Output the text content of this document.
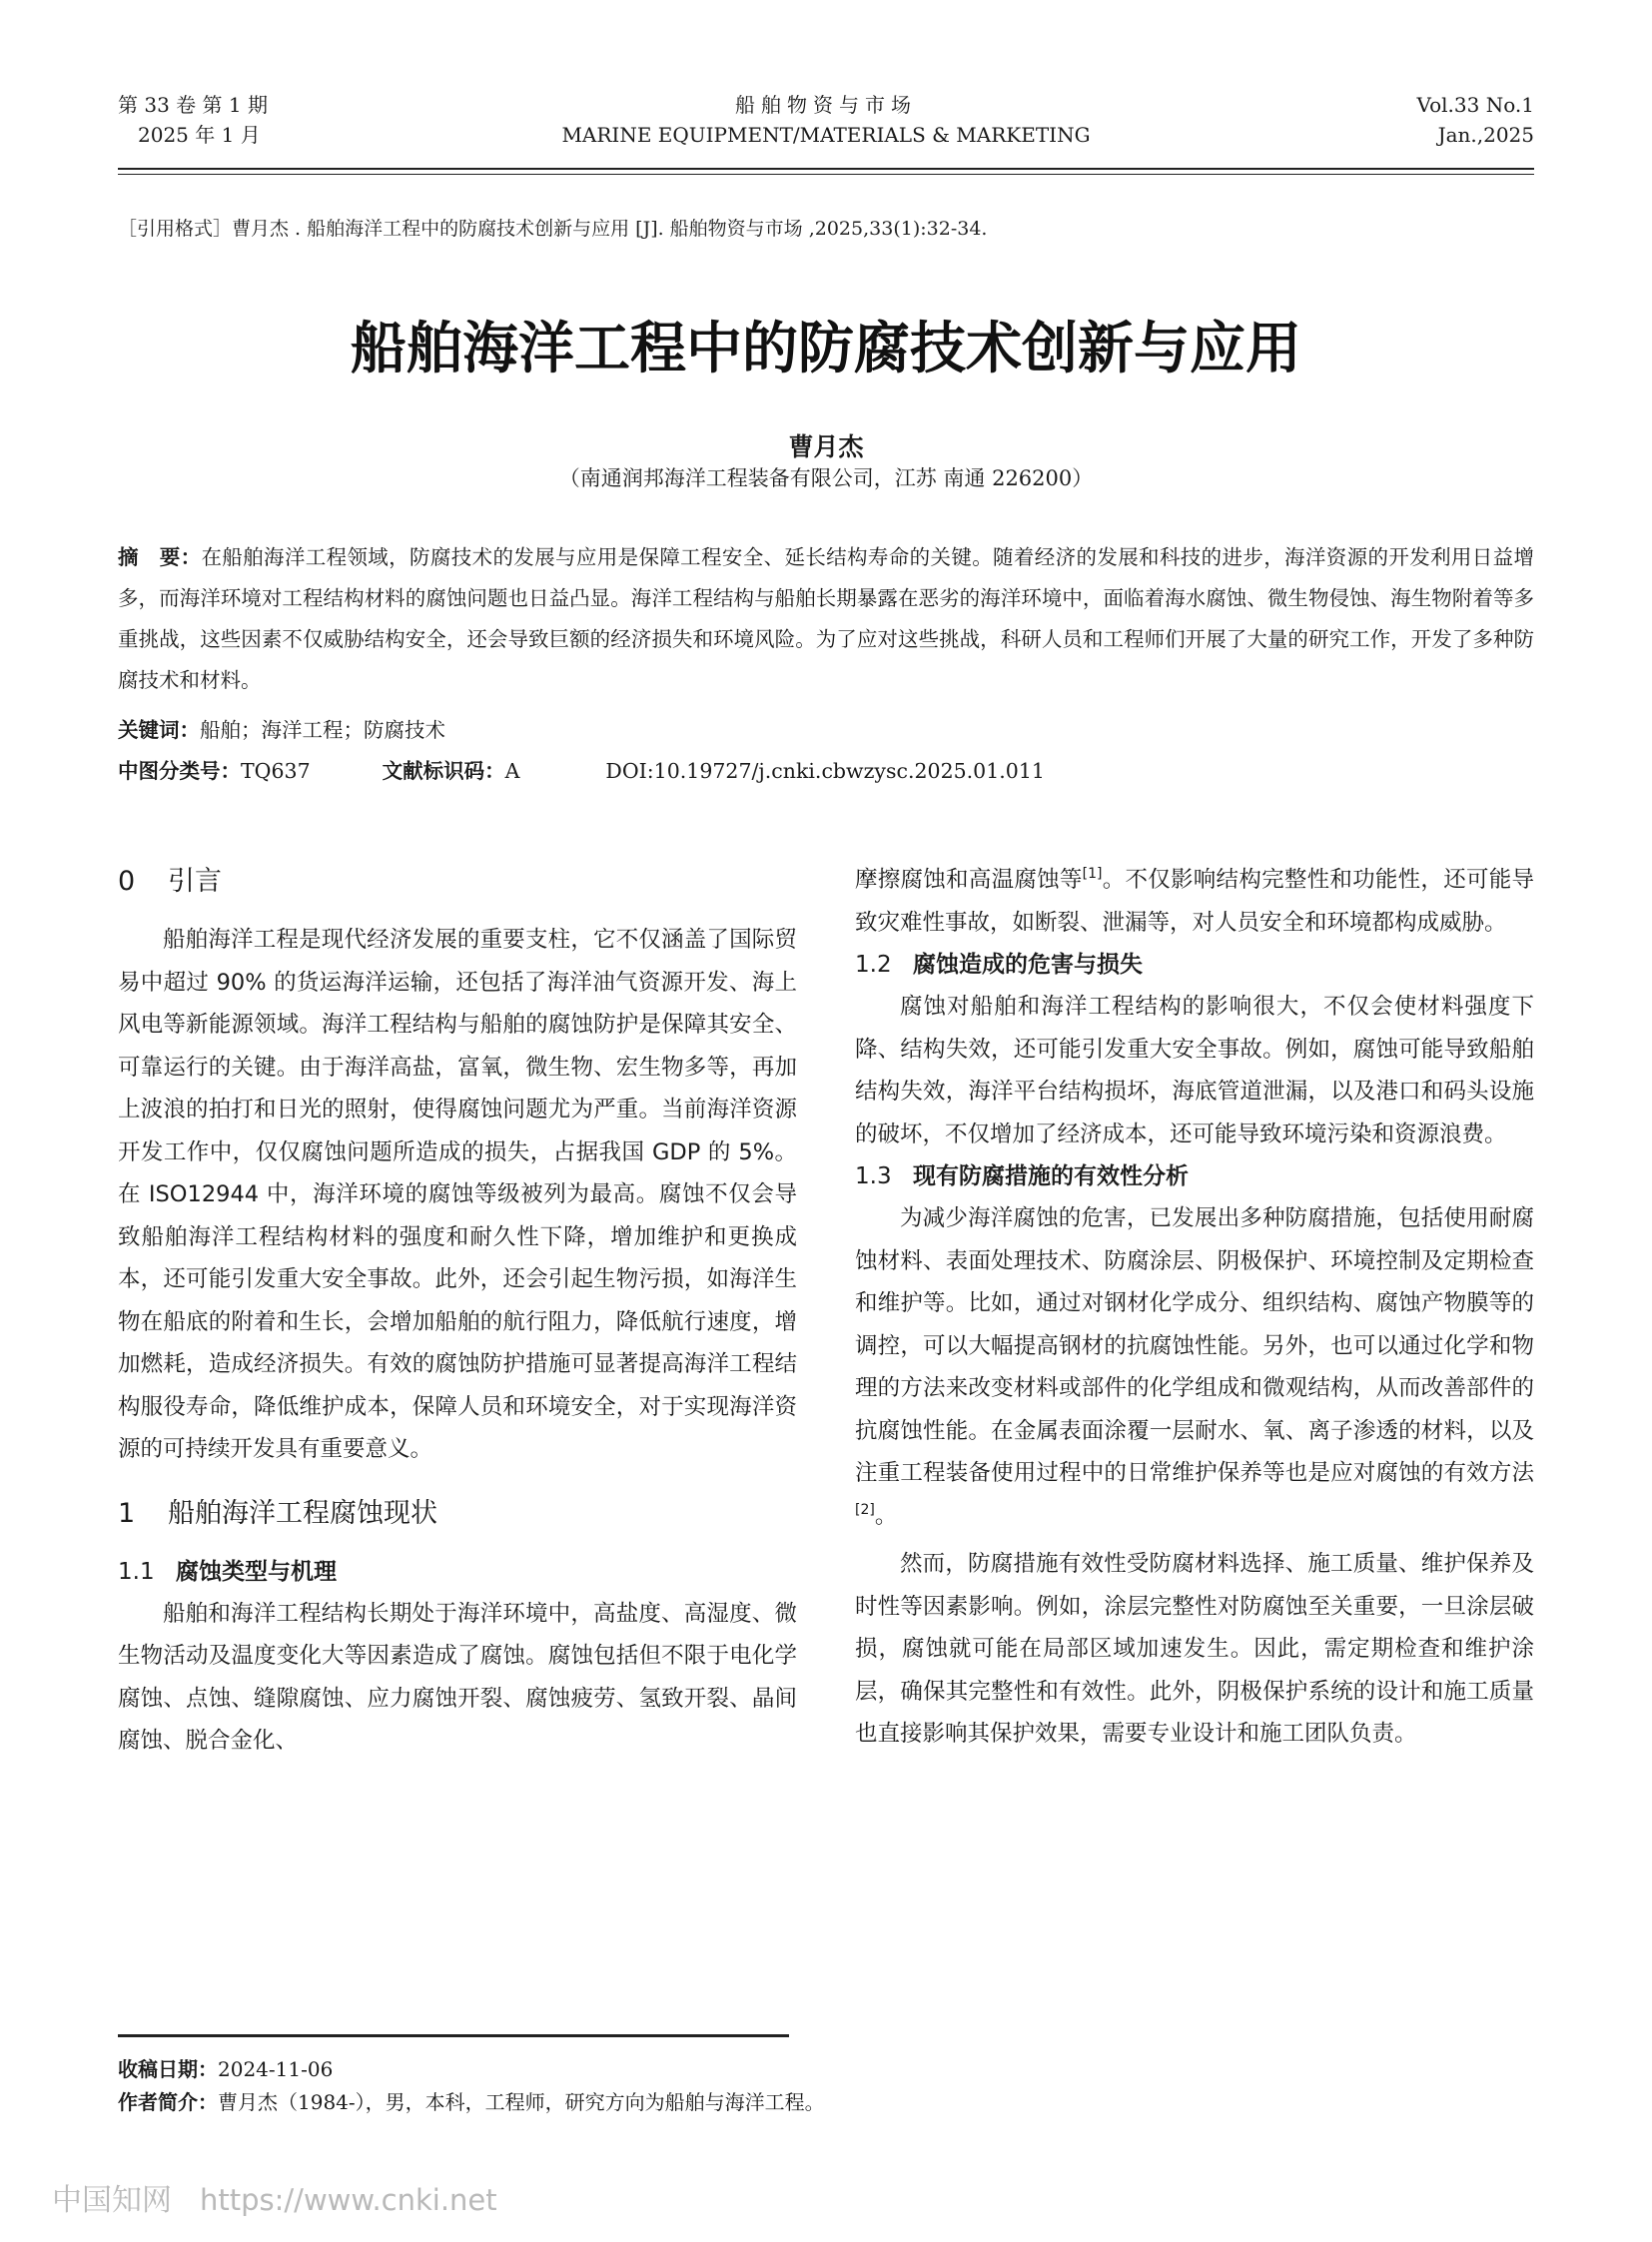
第 33 卷 第 1 期
2025 年 1 月
船舶物资与市场
MARINE EQUIPMENT/MATERIALS & MARKETING
Vol.33 No.1
Jan.,2025
［引用格式］曹月杰 . 船舶海洋工程中的防腐技术创新与应用 [J]. 船舶物资与市场 ,2025,33(1):32-34.
船舶海洋工程中的防腐技术创新与应用
曹月杰
（南通润邦海洋工程装备有限公司，江苏 南通 226200）
摘　要：在船舶海洋工程领域，防腐技术的发展与应用是保障工程安全、延长结构寿命的关键。随着经济的发展和科技的进步，海洋资源的开发利用日益增多，而海洋环境对工程结构材料的腐蚀问题也日益凸显。海洋工程结构与船舶长期暴露在恶劣的海洋环境中，面临着海水腐蚀、微生物侵蚀、海生物附着等多重挑战，这些因素不仅威胁结构安全，还会导致巨额的经济损失和环境风险。为了应对这些挑战，科研人员和工程师们开展了大量的研究工作，开发了多种防腐技术和材料。
关键词：船舶；海洋工程；防腐技术
中图分类号：TQ637	文献标识码：A	DOI:10.19727/j.cnki.cbwzysc.2025.01.011
0 引言

船舶海洋工程是现代经济发展的重要支柱，它不仅涵盖了国际贸易中超过 90% 的货运海洋运输，还包括了海洋油气资源开发、海上风电等新能源领域。海洋工程结构与船舶的腐蚀防护是保障其安全、可靠运行的关键。由于海洋高盐，富氧，微生物、宏生物多等，再加上波浪的拍打和日光的照射，使得腐蚀问题尤为严重。当前海洋资源开发工作中，仅仅腐蚀问题所造成的损失，占据我国 GDP 的 5%。在 ISO12944 中，海洋环境的腐蚀等级被列为最高。腐蚀不仅会导致船舶海洋工程结构材料的强度和耐久性下降，增加维护和更换成本，还可能引发重大安全事故。此外，还会引起生物污损，如海洋生物在船底的附着和生长，会增加船舶的航行阻力，降低航行速度，增加燃耗，造成经济损失。有效的腐蚀防护措施可显著提高海洋工程结构服役寿命，降低维护成本，保障人员和环境安全，对于实现海洋资源的可持续开发具有重要意义。

1 船舶海洋工程腐蚀现状
1.1 腐蚀类型与机理

船舶和海洋工程结构长期处于海洋环境中，高盐度、高湿度、微生物活动及温度变化大等因素造成了腐蚀。腐蚀包括但不限于电化学腐蚀、点蚀、缝隙腐蚀、应力腐蚀开裂、腐蚀疲劳、氢致开裂、晶间腐蚀、脱合金化、

摩擦腐蚀和高温腐蚀等[1]。不仅影响结构完整性和功能性，还可能导致灾难性事故，如断裂、泄漏等，对人员安全和环境都构成威胁。

1.2 腐蚀造成的危害与损失

腐蚀对船舶和海洋工程结构的影响很大，不仅会使材料强度下降、结构失效，还可能引发重大安全事故。例如，腐蚀可能导致船舶结构失效，海洋平台结构损坏，海底管道泄漏，以及港口和码头设施的破坏，不仅增加了经济成本，还可能导致环境污染和资源浪费。

1.3 现有防腐措施的有效性分析

为减少海洋腐蚀的危害，已发展出多种防腐措施，包括使用耐腐蚀材料、表面处理技术、防腐涂层、阴极保护、环境控制及定期检查和维护等。比如，通过对钢材化学成分、组织结构、腐蚀产物膜等的调控，可以大幅提高钢材的抗腐蚀性能。另外，也可以通过化学和物理的方法来改变材料或部件的化学组成和微观结构，从而改善部件的抗腐蚀性能。在金属表面涂覆一层耐水、氧、离子渗透的材料，以及注重工程装备使用过程中的日常维护保养等也是应对腐蚀的有效方法[2]。

然而，防腐措施有效性受防腐材料选择、施工质量、维护保养及时性等因素影响。例如，涂层完整性对防腐蚀至关重要，一旦涂层破损，腐蚀就可能在局部区域加速发生。因此，需定期检查和维护涂层，确保其完整性和有效性。此外，阴极保护系统的设计和施工质量也直接影响其保护效果，需要专业设计和施工团队负责。

收稿日期：2024-11-06
作者简介：曹月杰（1984-），男，本科，工程师，研究方向为船舶与海洋工程。
中国知网 https://www.cnki.net
